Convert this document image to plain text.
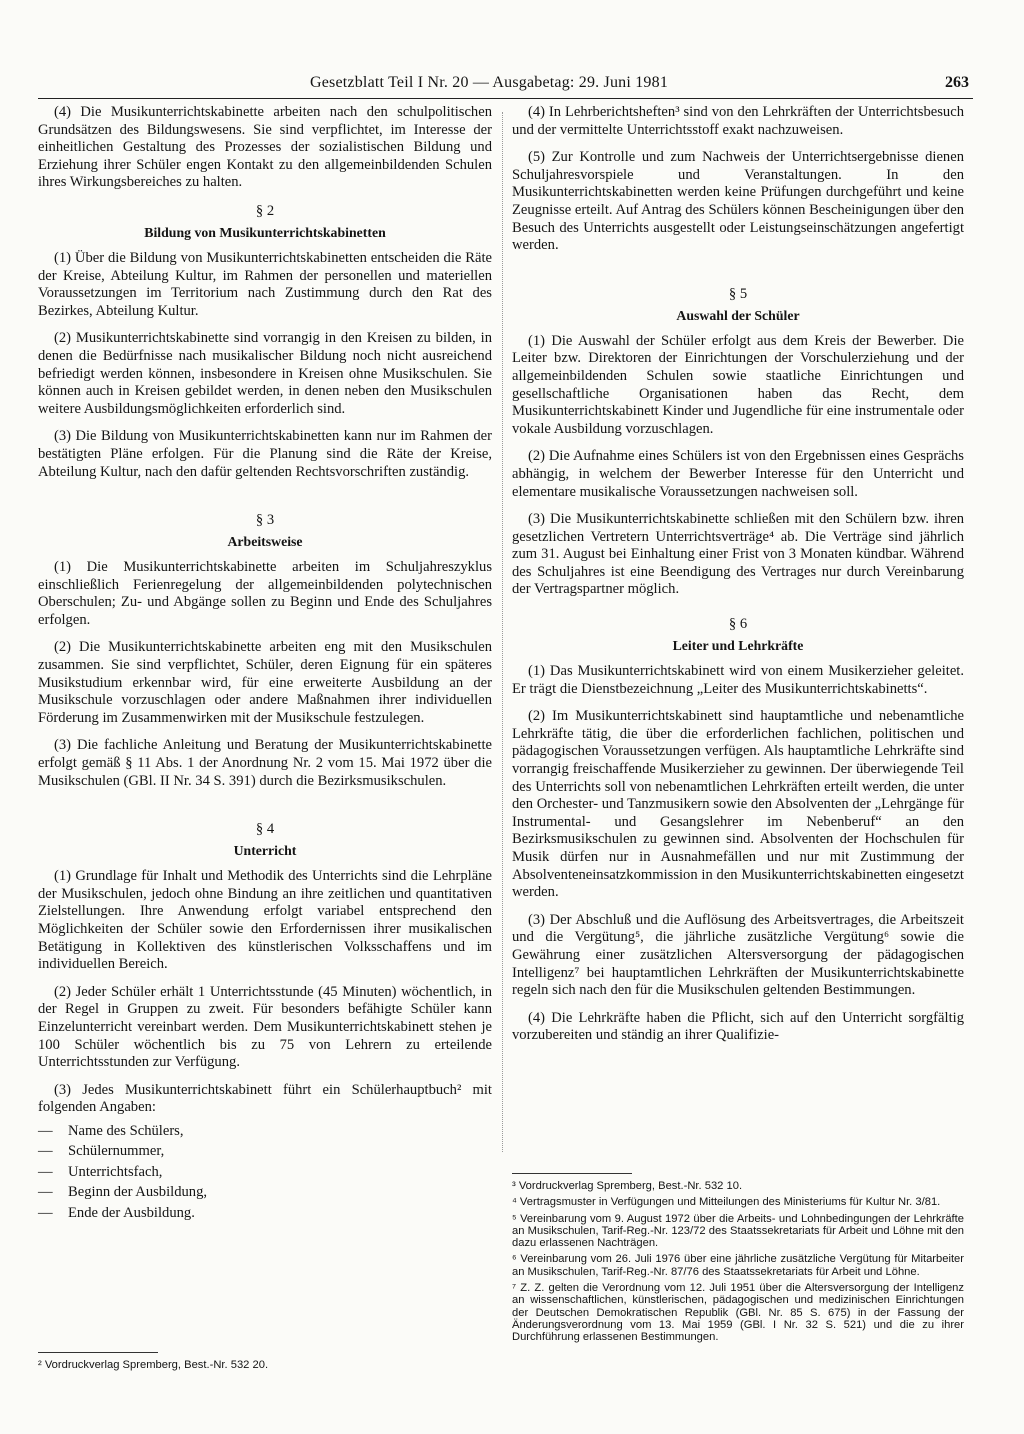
Gesetzblatt Teil I Nr. 20 — Ausgabetag: 29. Juni 1981	263

(4) Die Musikunterrichtskabinette arbeiten nach den schulpolitischen Grundsätzen des Bildungswesens. Sie sind verpflichtet, im Interesse der einheitlichen Gestaltung des Prozesses der sozialistischen Bildung und Erziehung ihrer Schüler engen Kontakt zu den allgemeinbildenden Schulen ihres Wirkungsbereiches zu halten.

§ 2
Bildung von Musikunterrichtskabinetten

(1) Über die Bildung von Musikunterrichtskabinetten entscheiden die Räte der Kreise, Abteilung Kultur, im Rahmen der personellen und materiellen Voraussetzungen im Territorium nach Zustimmung durch den Rat des Bezirkes, Abteilung Kultur.

(2) Musikunterrichtskabinette sind vorrangig in den Kreisen zu bilden, in denen die Bedürfnisse nach musikalischer Bildung noch nicht ausreichend befriedigt werden können, insbesondere in Kreisen ohne Musikschulen. Sie können auch in Kreisen gebildet werden, in denen neben den Musikschulen weitere Ausbildungsmöglichkeiten erforderlich sind.

(3) Die Bildung von Musikunterrichtskabinetten kann nur im Rahmen der bestätigten Pläne erfolgen. Für die Planung sind die Räte der Kreise, Abteilung Kultur, nach den dafür geltenden Rechtsvorschriften zuständig.

§ 3
Arbeitsweise

(1) Die Musikunterrichtskabinette arbeiten im Schuljahreszyklus einschließlich Ferienregelung der allgemeinbildenden polytechnischen Oberschulen; Zu- und Abgänge sollen zu Beginn und Ende des Schuljahres erfolgen.

(2) Die Musikunterrichtskabinette arbeiten eng mit den Musikschulen zusammen. Sie sind verpflichtet, Schüler, deren Eignung für ein späteres Musikstudium erkennbar wird, für eine erweiterte Ausbildung an der Musikschule vorzuschlagen oder andere Maßnahmen ihrer individuellen Förderung im Zusammenwirken mit der Musikschule festzulegen.

(3) Die fachliche Anleitung und Beratung der Musikunterrichtskabinette erfolgt gemäß § 11 Abs. 1 der Anordnung Nr. 2 vom 15. Mai 1972 über die Musikschulen (GBl. II Nr. 34 S. 391) durch die Bezirksmusikschulen.

§ 4
Unterricht

(1) Grundlage für Inhalt und Methodik des Unterrichts sind die Lehrpläne der Musikschulen, jedoch ohne Bindung an ihre zeitlichen und quantitativen Zielstellungen. Ihre Anwendung erfolgt variabel entsprechend den Möglichkeiten der Schüler sowie den Erfordernissen ihrer musikalischen Betätigung in Kollektiven des künstlerischen Volksschaffens und im individuellen Bereich.

(2) Jeder Schüler erhält 1 Unterrichtsstunde (45 Minuten) wöchentlich, in der Regel in Gruppen zu zweit. Für besonders befähigte Schüler kann Einzelunterricht vereinbart werden. Dem Musikunterrichtskabinett stehen je 100 Schüler wöchentlich bis zu 75 von Lehrern zu erteilende Unterrichtsstunden zur Verfügung.

(3) Jedes Musikunterrichtskabinett führt ein Schülerhauptbuch² mit folgenden Angaben:

— Name des Schülers,
— Schülernummer,
— Unterrichtsfach,
— Beginn der Ausbildung,
— Ende der Ausbildung.

² Vordruckverlag Spremberg, Best.-Nr. 532 20.

(4) In Lehrberichtsheften³ sind von den Lehrkräften der Unterrichtsbesuch und der vermittelte Unterrichtsstoff exakt nachzuweisen.

(5) Zur Kontrolle und zum Nachweis der Unterrichtsergebnisse dienen Schuljahresvorspiele und Veranstaltungen. In den Musikunterrichtskabinetten werden keine Prüfungen durchgeführt und keine Zeugnisse erteilt. Auf Antrag des Schülers können Bescheinigungen über den Besuch des Unterrichts ausgestellt oder Leistungseinschätzungen angefertigt werden.

§ 5
Auswahl der Schüler

(1) Die Auswahl der Schüler erfolgt aus dem Kreis der Bewerber. Die Leiter bzw. Direktoren der Einrichtungen der Vorschulerziehung und der allgemeinbildenden Schulen sowie staatliche Einrichtungen und gesellschaftliche Organisationen haben das Recht, dem Musikunterrichtskabinett Kinder und Jugendliche für eine instrumentale oder vokale Ausbildung vorzuschlagen.

(2) Die Aufnahme eines Schülers ist von den Ergebnissen eines Gesprächs abhängig, in welchem der Bewerber Interesse für den Unterricht und elementare musikalische Voraussetzungen nachweisen soll.

(3) Die Musikunterrichtskabinette schließen mit den Schülern bzw. ihren gesetzlichen Vertretern Unterrichtsverträge⁴ ab. Die Verträge sind jährlich zum 31. August bei Einhaltung einer Frist von 3 Monaten kündbar. Während des Schuljahres ist eine Beendigung des Vertrages nur durch Vereinbarung der Vertragspartner möglich.

§ 6
Leiter und Lehrkräfte

(1) Das Musikunterrichtskabinett wird von einem Musikerzieher geleitet. Er trägt die Dienstbezeichnung „Leiter des Musikunterrichtskabinetts“.

(2) Im Musikunterrichtskabinett sind hauptamtliche und nebenamtliche Lehrkräfte tätig, die über die erforderlichen fachlichen, politischen und pädagogischen Voraussetzungen verfügen. Als hauptamtliche Lehrkräfte sind vorrangig freischaffende Musikerzieher zu gewinnen. Der überwiegende Teil des Unterrichts soll von nebenamtlichen Lehrkräften erteilt werden, die unter den Orchester- und Tanzmusikern sowie den Absolventen der „Lehrgänge für Instrumental- und Gesangslehrer im Nebenberuf“ an den Bezirksmusikschulen zu gewinnen sind. Absolventen der Hochschulen für Musik dürfen nur in Ausnahmefällen und nur mit Zustimmung der Absolventeneinsatzkommission in den Musikunterrichtskabinetten eingesetzt werden.

(3) Der Abschluß und die Auflösung des Arbeitsvertrages, die Arbeitszeit und die Vergütung⁵, die jährliche zusätzliche Vergütung⁶ sowie die Gewährung einer zusätzlichen Altersversorgung der pädagogischen Intelligenz⁷ bei hauptamtlichen Lehrkräften der Musikunterrichtskabinette regeln sich nach den für die Musikschulen geltenden Bestimmungen.

(4) Die Lehrkräfte haben die Pflicht, sich auf den Unterricht sorgfältig vorzubereiten und ständig an ihrer Qualifizie-

³ Vordruckverlag Spremberg, Best.-Nr. 532 10.

⁴ Vertragsmuster in Verfügungen und Mitteilungen des Ministeriums für Kultur Nr. 3/81.

⁵ Vereinbarung vom 9. August 1972 über die Arbeits- und Lohnbedingungen der Lehrkräfte an Musikschulen, Tarif-Reg.-Nr. 123/72 des Staatssekretariats für Arbeit und Löhne mit den dazu erlassenen Nachträgen.

⁶ Vereinbarung vom 26. Juli 1976 über eine jährliche zusätzliche Vergütung für Mitarbeiter an Musikschulen, Tarif-Reg.-Nr. 87/76 des Staatssekretariats für Arbeit und Löhne.

⁷ Z. Z. gelten die Verordnung vom 12. Juli 1951 über die Altersversorgung der Intelligenz an wissenschaftlichen, künstlerischen, pädagogischen und medizinischen Einrichtungen der Deutschen Demokratischen Republik (GBl. Nr. 85 S. 675) in der Fassung der Änderungsverordnung vom 13. Mai 1959 (GBl. I Nr. 32 S. 521) und die zu ihrer Durchführung erlassenen Bestimmungen.
